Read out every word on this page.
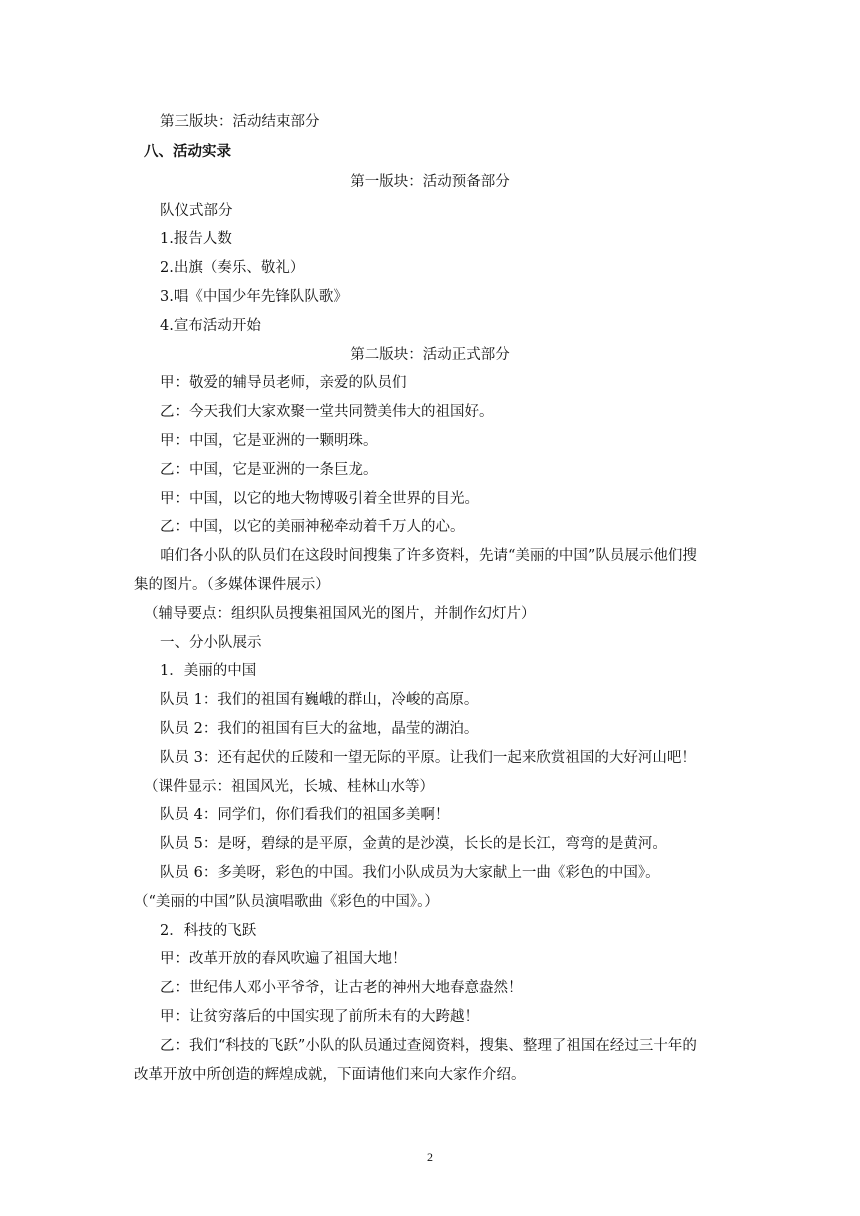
第三版块：活动结束部分
八、活动实录
第一版块：活动预备部分
队仪式部分
1.报告人数
2.出旗（奏乐、敬礼）
3.唱《中国少年先锋队队歌》
4.宣布活动开始
第二版块：活动正式部分
甲：敬爱的辅导员老师，亲爱的队员们
乙：今天我们大家欢聚一堂共同赞美伟大的祖国好。
甲：中国，它是亚洲的一颗明珠。
乙：中国，它是亚洲的一条巨龙。
甲：中国，以它的地大物博吸引着全世界的目光。
乙：中国，以它的美丽神秘牵动着千万人的心。
咱们各小队的队员们在这段时间搜集了许多资料，先请“美丽的中国”队员展示他们搜
集的图片。（多媒体课件展示）
（辅导要点：组织队员搜集祖国风光的图片，并制作幻灯片）
一、分小队展示
1．美丽的中国
队员 1：我们的祖国有巍峨的群山，冷峻的高原。
队员 2：我们的祖国有巨大的盆地，晶莹的湖泊。
队员 3：还有起伏的丘陵和一望无际的平原。让我们一起来欣赏祖国的大好河山吧！
（课件显示：祖国风光，长城、桂林山水等）
队员 4：同学们，你们看我们的祖国多美啊！
队员 5：是呀，碧绿的是平原，金黄的是沙漠，长长的是长江，弯弯的是黄河。
队员 6：多美呀，彩色的中国。我们小队成员为大家献上一曲《彩色的中国》。
（“美丽的中国”队员演唱歌曲《彩色的中国》。）
2．科技的飞跃
甲：改革开放的春风吹遍了祖国大地！
乙：世纪伟人邓小平爷爷，让古老的神州大地春意盎然！
甲：让贫穷落后的中国实现了前所未有的大跨越！
乙：我们“科技的飞跃”小队的队员通过查阅资料，搜集、整理了祖国在经过三十年的
改革开放中所创造的辉煌成就，下面请他们来向大家作介绍。
2
